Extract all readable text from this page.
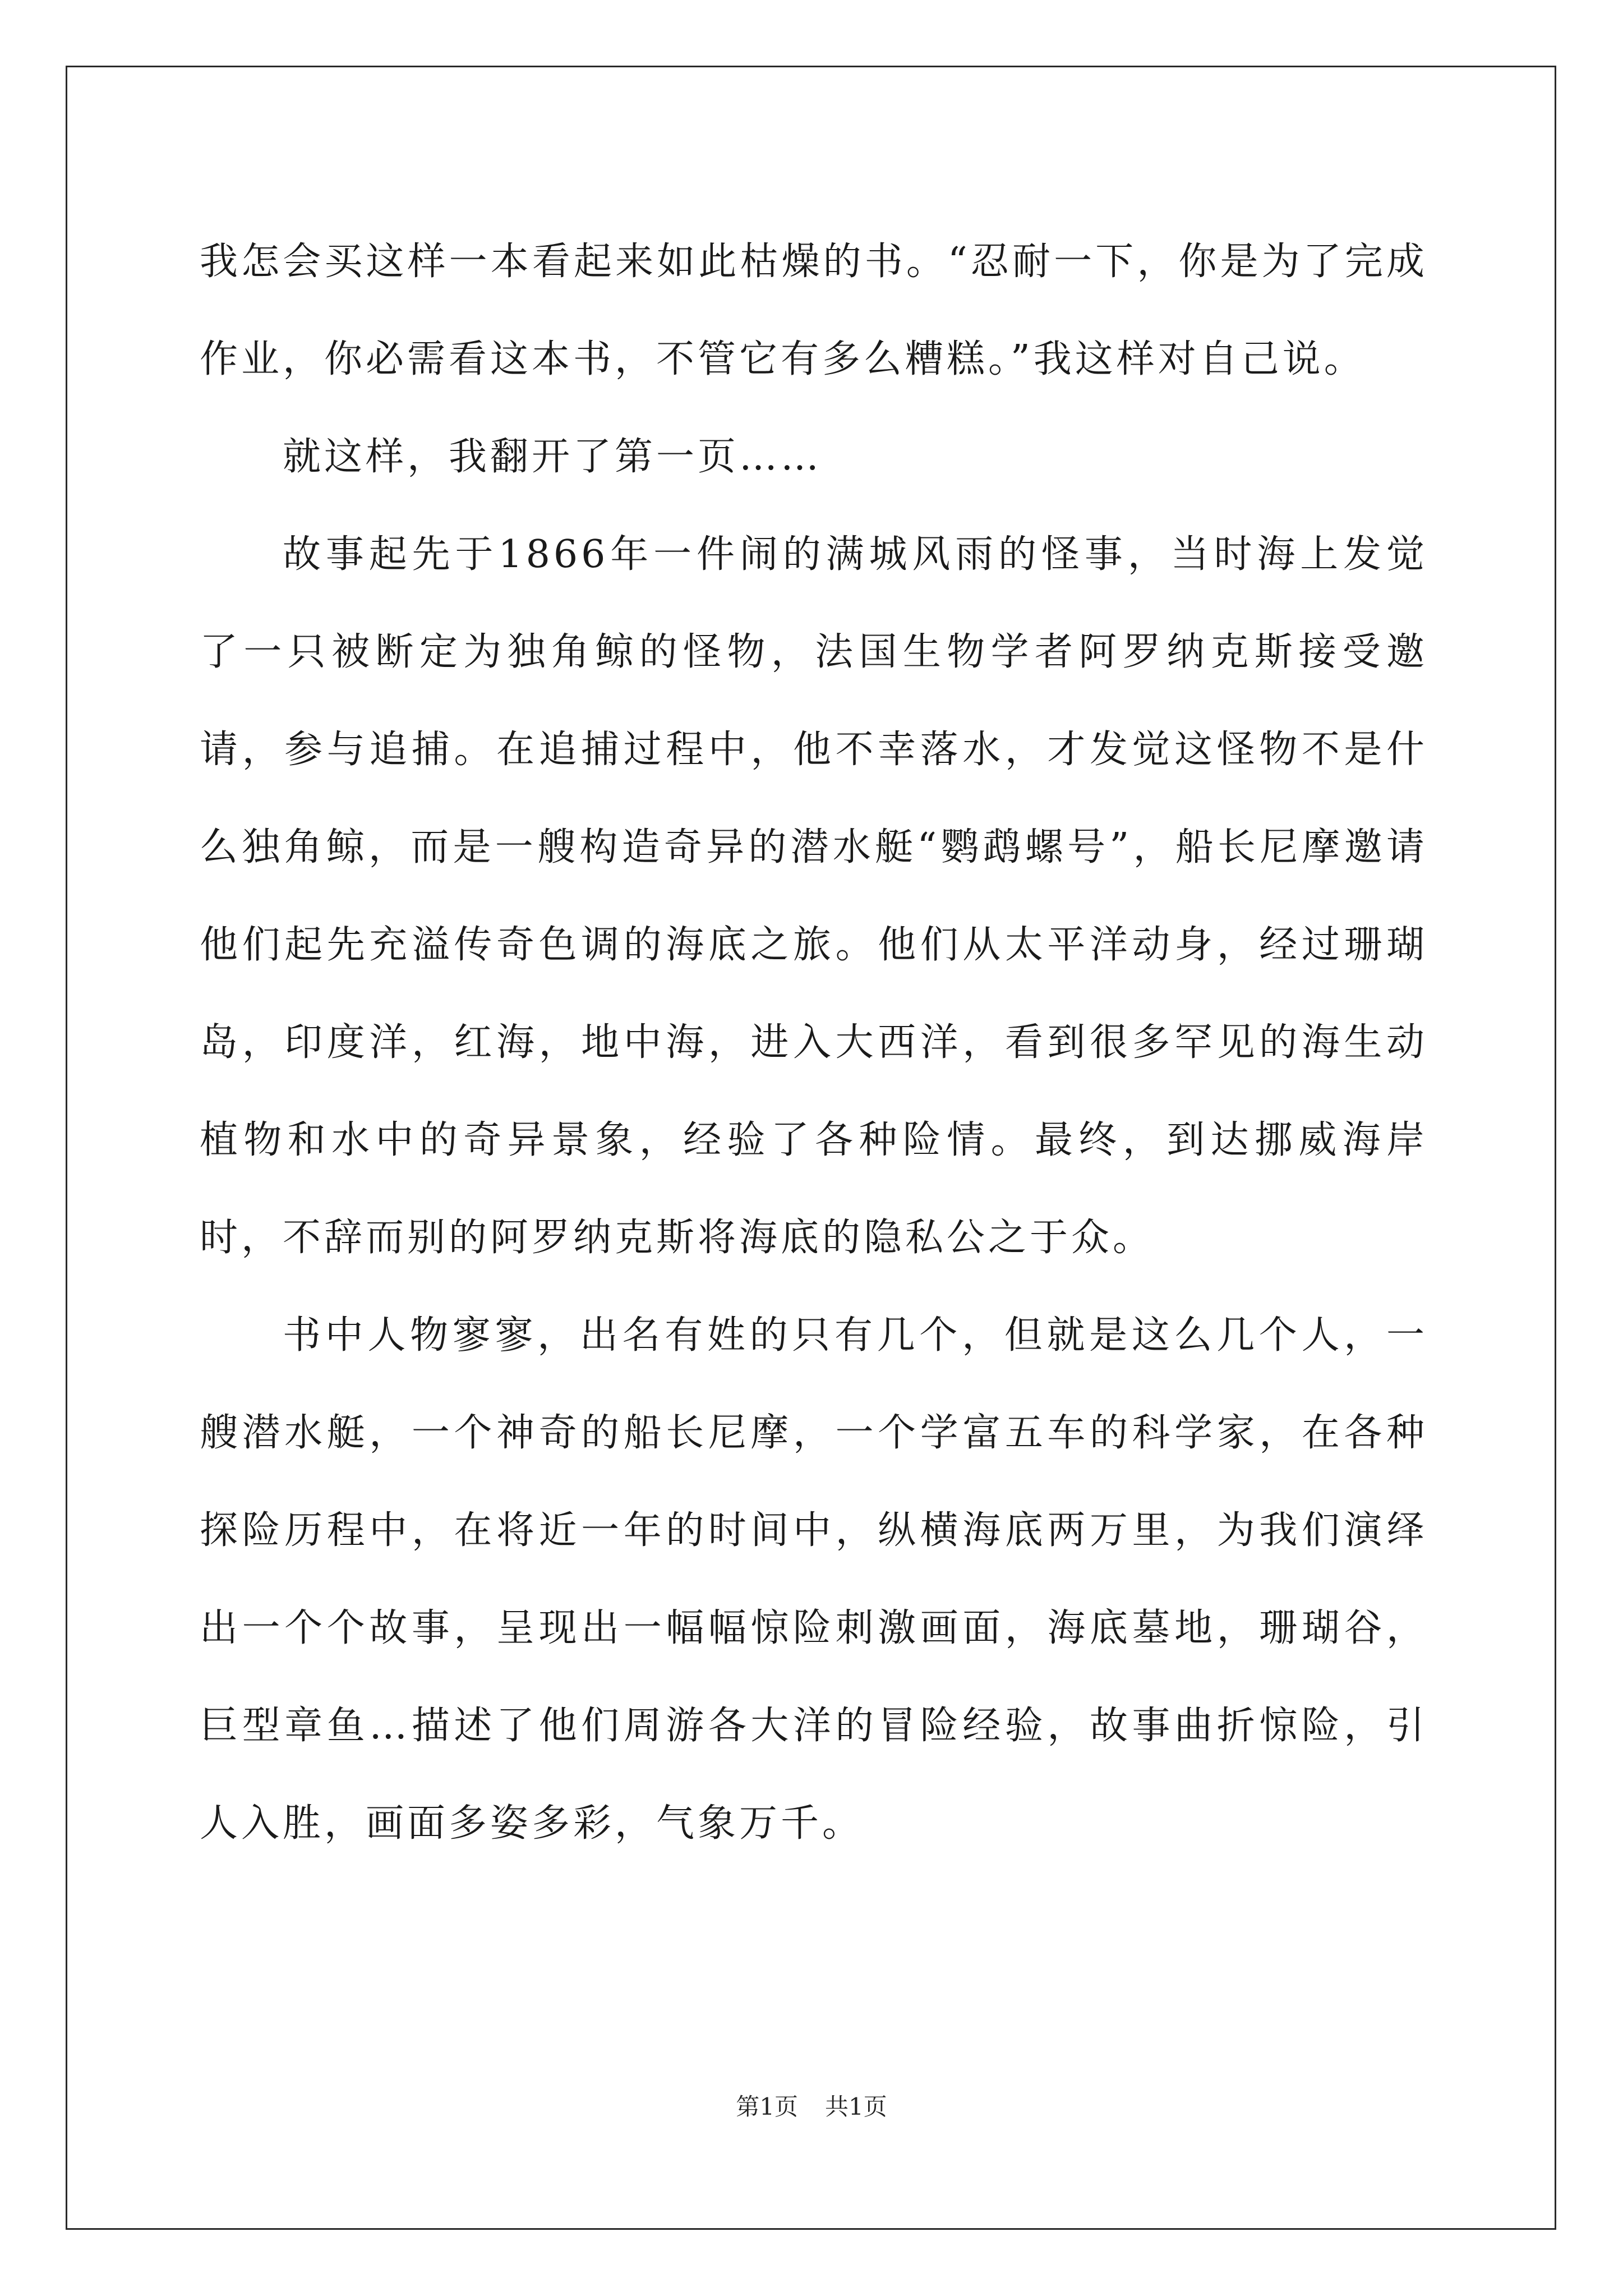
我怎会买这样一本看起来如此枯燥的书。“忍耐一下，你是为了完成作业，你必需看这本书，不管它有多么糟糕。”我这样对自己说。

就这样，我翻开了第一页……

故事起先于1866年一件闹的满城风雨的怪事，当时海上发觉了一只被断定为独角鲸的怪物，法国生物学者阿罗纳克斯接受邀请，参与追捕。在追捕过程中，他不幸落水，才发觉这怪物不是什么独角鲸，而是一艘构造奇异的潜水艇“鹦鹉螺号”，船长尼摩邀请他们起先充溢传奇色调的海底之旅。他们从太平洋动身，经过珊瑚岛，印度洋，红海，地中海，进入大西洋，看到很多罕见的海生动植物和水中的奇异景象，经验了各种险情。最终，到达挪威海岸时，不辞而别的阿罗纳克斯将海底的隐私公之于众。

书中人物寥寥，出名有姓的只有几个，但就是这么几个人，一艘潜水艇，一个神奇的船长尼摩，一个学富五车的科学家，在各种探险历程中，在将近一年的时间中，纵横海底两万里，为我们演绎出一个个故事，呈现出一幅幅惊险刺激画面，海底墓地，珊瑚谷，巨型章鱼…描述了他们周游各大洋的冒险经验，故事曲折惊险，引人入胜，画面多姿多彩，气象万千。

第1页 共1页
